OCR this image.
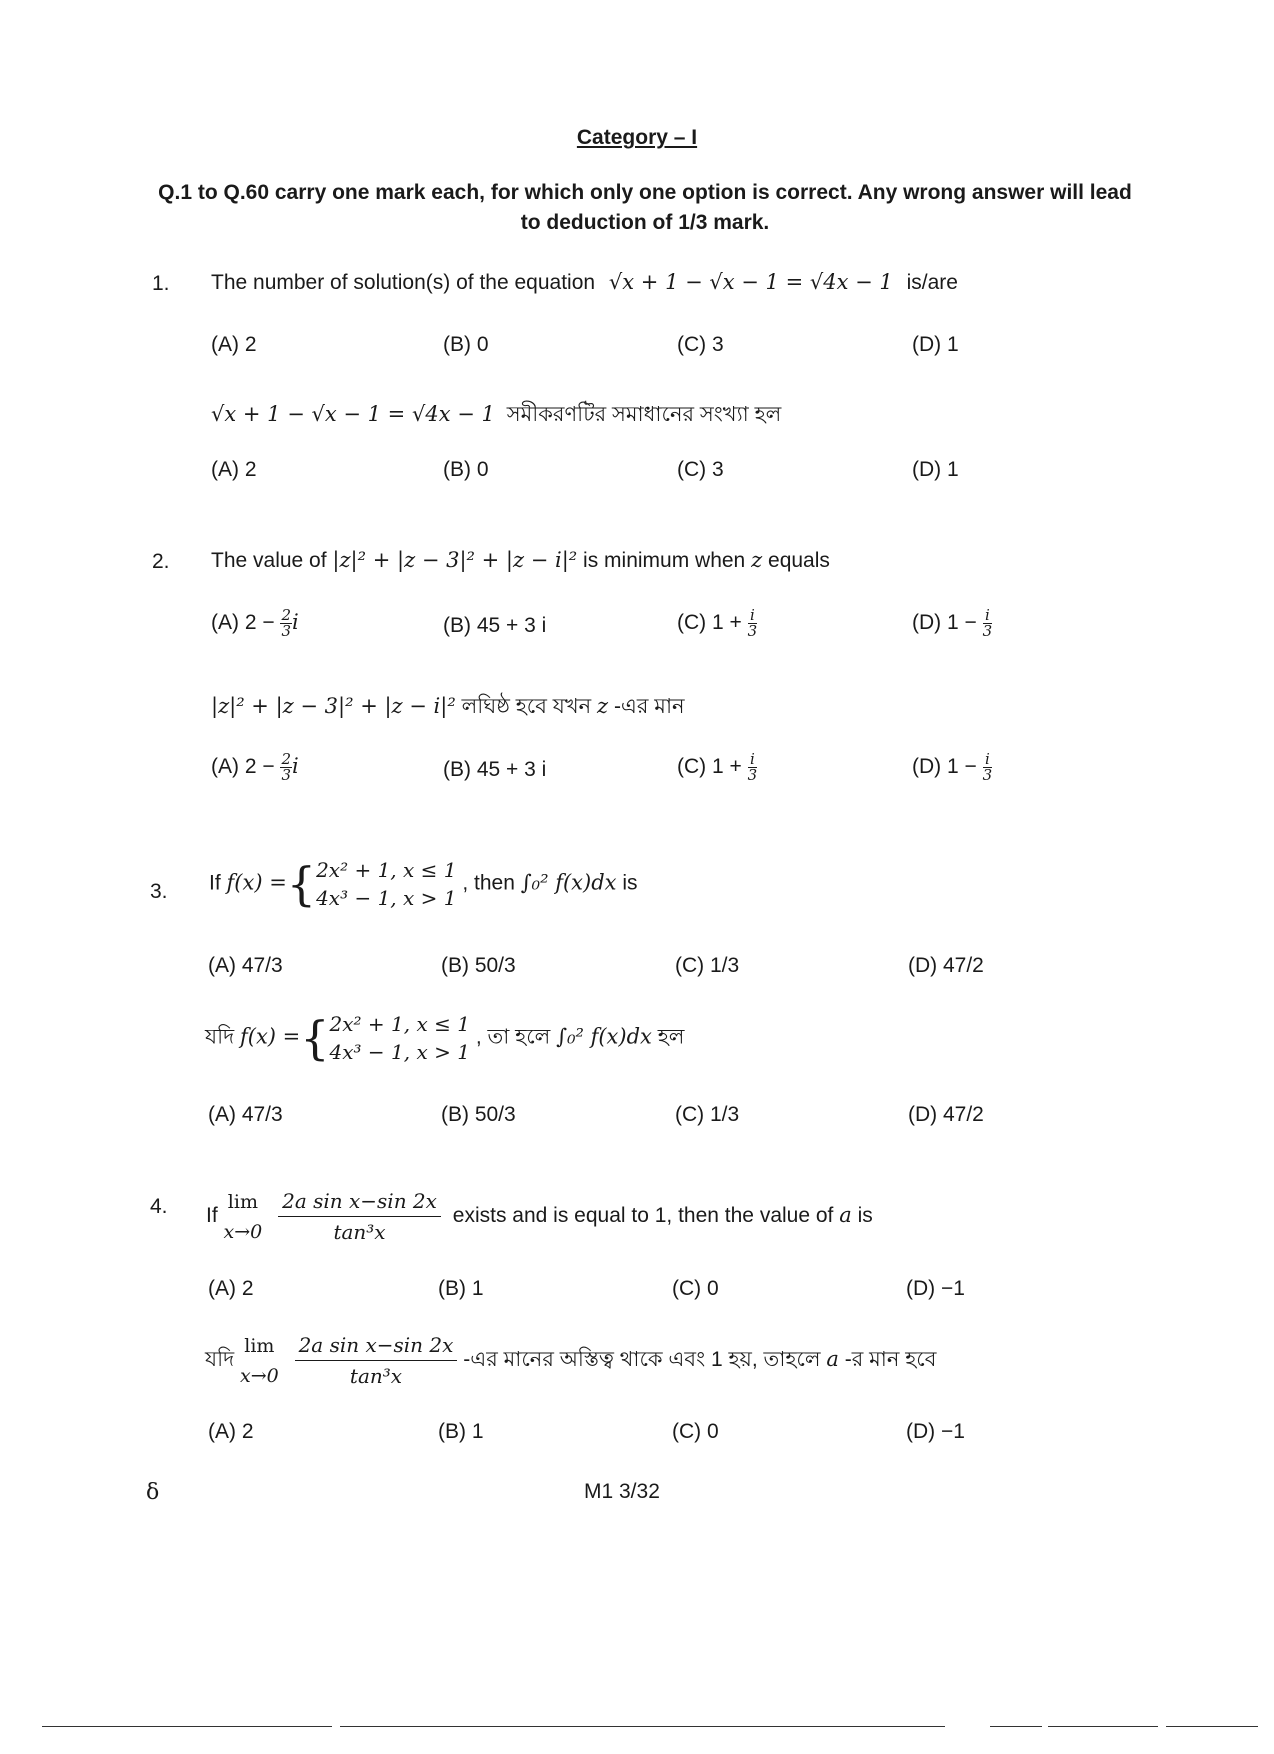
Category – I
Q.1 to Q.60 carry one mark each, for which only one option is correct. Any wrong answer will lead to deduction of 1/3 mark.
1. The number of solution(s) of the equation √x + 1 − √x − 1 = √4x − 1 is/are
(A) 2	(B) 0	(C) 3	(D) 1
√x + 1 − √x − 1 = √4x − 1 সমীকরণটির সমাধানের সংখ্যা হল
(A) 2	(B) 0	(C) 3	(D) 1
2. The value of |z|² + |z − 3|² + |z − i|² is minimum when z equals
(A) $2 - \frac{2}{3}$ i	(B) 45 + 3 i	(C) $1 + \frac{i}{3}$	(D) $1 - \frac{i}{3}$
|z|² + |z − 3|² + |z − i|² লঘিষ্ঠ হবে যখন z -এর মান
(A) $2 - \frac{2}{3}$ i	(B) 45 + 3 i	(C) $1 + \frac{i}{3}$	(D) $1 - \frac{i}{3}$
3. If f(x) ={ 2x² + 1, x ≤ 1
4x³ − 1, x > 1
, then ∫₀² f(x)dx is
(A) 47/3	(B) 50/3	(C) 1/3	(D) 47/2
যদি f(x) ={ 2x² + 1, x ≤ 1
4x³ − 1, x > 1
, তা হলে ∫₀² f(x)dx হল
(A) 47/3	(B) 50/3	(C) 1/3	(D) 47/2
4. If
lim
x→0
$\frac{\text{2a sin x−sin 2x}}{\text{tan³x}}$ exists and is equal to 1, then the value of a is
(A) 2	(B) 1	(C) 0	(D) −1
যদি
lim
x→0
$\frac{\text{2a sin x−sin 2x}}{\text{tan³x}}$ -এর মানের অস্তিত্ব থাকে এবং 1 হয়, তাহলে a -র মান হবে
(A) 2	(B) 1	(C) 0	(D) −1
δ	M1 3/32
